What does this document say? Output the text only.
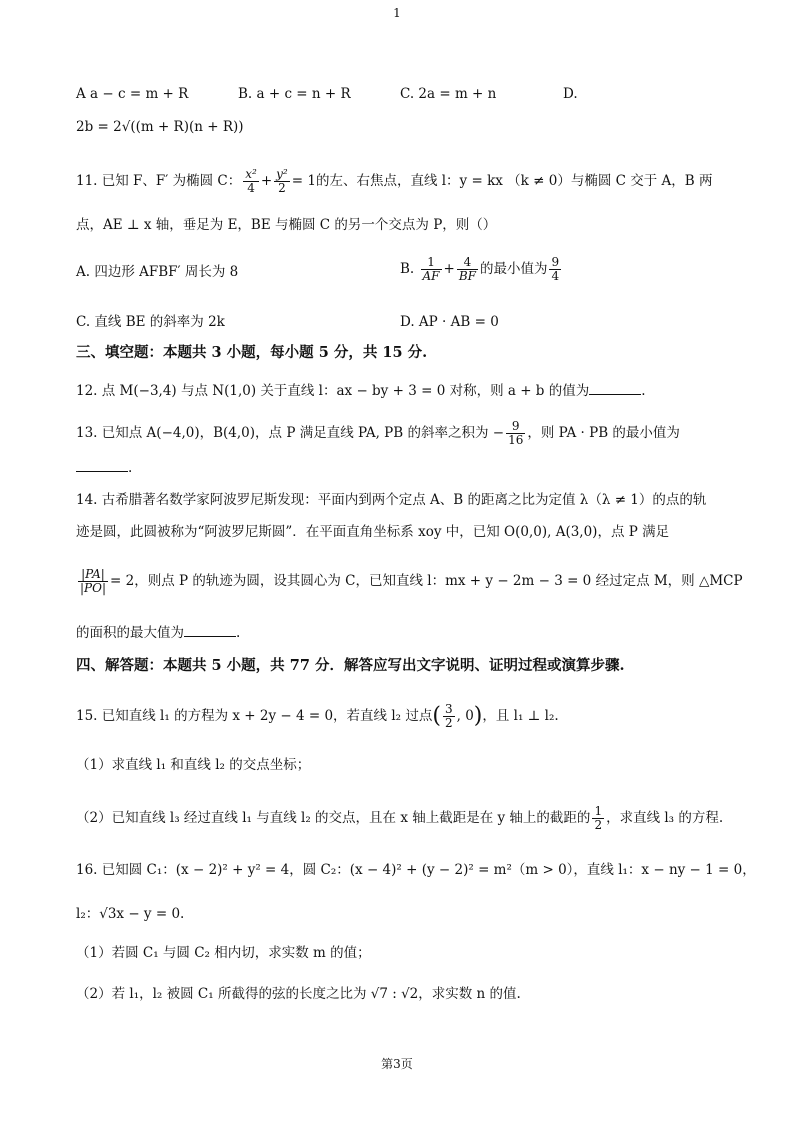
1
A a − c = m + R	B. a + c = n + R	C. 2a = m + n	D.
2b = 2√((m + R)(n + R))
11. 已知 F、F′ 为椭圆 C： $\frac{\text{x²}}{4} + \frac{\text{y²}}{2} = 1$的左、右焦点，直线 l：y = kx （k ≠ 0）与椭圆 C 交于 A，B 两
点，AE ⊥ x 轴，垂足为 E，BE 与椭圆 C 的另一个交点为 P，则（）
A. 四边形 AFBF′ 周长为 8	B. $\frac{1}{AF} + \frac{4}{BF}$ 的最小值为 $\frac{9}{4}$
C. 直线 BE 的斜率为 2k	D. AP · AB = 0
三、填空题：本题共 3 小题，每小题 5 分，共 15 分.
12. 点 M(−3,4) 与点 N(1,0) 关于直线 l：ax − by + 3 = 0 对称，则 a + b 的值为	.
13. 已知点 A(−4,0)，B(4,0)，点 P 满足直线 PA, PB 的斜率之积为 − $\frac{9}{16}$ ，则 PA · PB 的最小值为
.
14. 古希腊著名数学家阿波罗尼斯发现：平面内到两个定点 A、B 的距离之比为定值 λ（λ ≠ 1）的点的轨
迹是圆，此圆被称为“阿波罗尼斯圆”．在平面直角坐标系 xoy 中，已知 O(0,0), A(3,0)，点 P 满足
$\frac{|PA|}{|PO|} = 2$，则点 P 的轨迹为圆，设其圆心为 C，已知直线 l：mx + y − 2m − 3 = 0 经过定点 M，则 △MCP
的面积的最大值为	.
四、解答题：本题共 5 小题，共 77 分．解答应写出文字说明、证明过程或演算步骤.
15. 已知直线 l₁ 的方程为 x + 2y − 4 = 0，若直线 l₂ 过点( $\frac{3}{2}$ , 0)，且 l₁ ⊥ l₂.
（1）求直线 l₁ 和直线 l₂ 的交点坐标；
（2）已知直线 l₃ 经过直线 l₁ 与直线 l₂ 的交点，且在 x 轴上截距是在 y 轴上的截距的 $\frac{1}{2}$ ，求直线 l₃ 的方程.
16. 已知圆 C₁：(x − 2)² + y² = 4，圆 C₂：(x − 4)² + (y − 2)² = m²（m > 0），直线 l₁：x − ny − 1 = 0，
l₂：√3x − y = 0.
（1）若圆 C₁ 与圆 C₂ 相内切，求实数 m 的值；
（2）若 l₁，l₂ 被圆 C₁ 所截得的弦的长度之比为 √7 : √2，求实数 n 的值.
第3页
